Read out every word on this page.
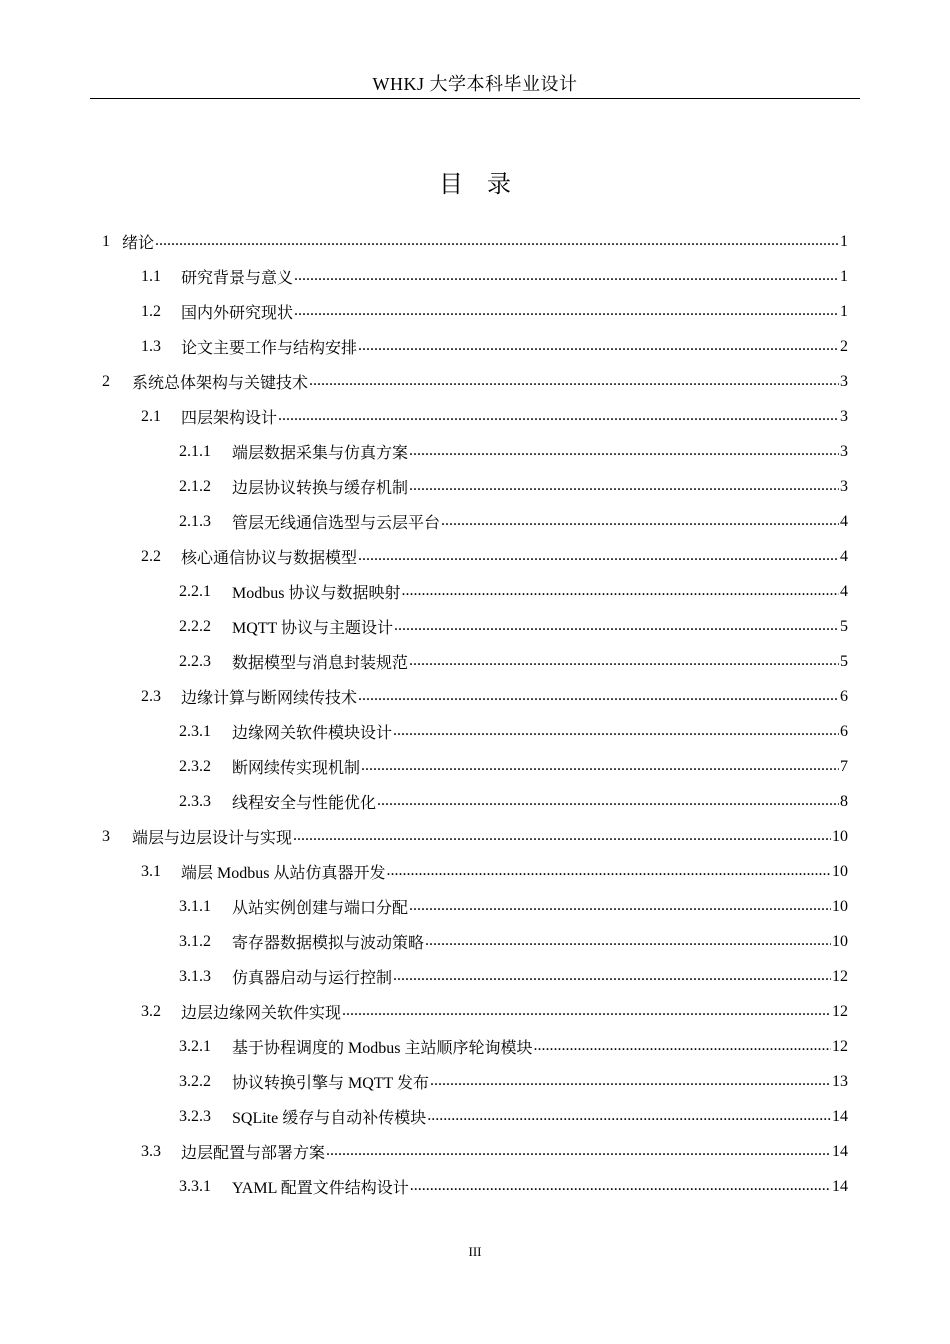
WHKJ 大学本科毕业设计
目录
1 绪论 .....	1
1.1	研究背景与意义 .....	1
1.2	国内外研究现状 .....	1
1.3	论文主要工作与结构安排 .....	2
2	系统总体架构与关键技术 .....	3
2.1	四层架构设计 .....	3
2.1.1	端层数据采集与仿真方案 .....	3
2.1.2	边层协议转换与缓存机制 .....	3
2.1.3	管层无线通信选型与云层平台 .....	4
2.2	核心通信协议与数据模型 .....	4
2.2.1	Modbus 协议与数据映射 .....	4
2.2.2	MQTT 协议与主题设计 .....	5
2.2.3	数据模型与消息封装规范 .....	5
2.3	边缘计算与断网续传技术 .....	6
2.3.1	边缘网关软件模块设计 .....	6
2.3.2	断网续传实现机制 .....	7
2.3.3	线程安全与性能优化 .....	8
3	端层与边层设计与实现 .....	10
3.1	端层 Modbus 从站仿真器开发 .....	10
3.1.1	从站实例创建与端口分配 .....	10
3.1.2	寄存器数据模拟与波动策略 .....	10
3.1.3	仿真器启动与运行控制 .....	12
3.2	边层边缘网关软件实现 .....	12
3.2.1	基于协程调度的 Modbus 主站顺序轮询模块 .....	12
3.2.2	协议转换引擎与 MQTT 发布 .....	13
3.2.3	SQLite 缓存与自动补传模块 .....	14
3.3	边层配置与部署方案 .....	14
3.3.1	YAML 配置文件结构设计 .....	14
III
